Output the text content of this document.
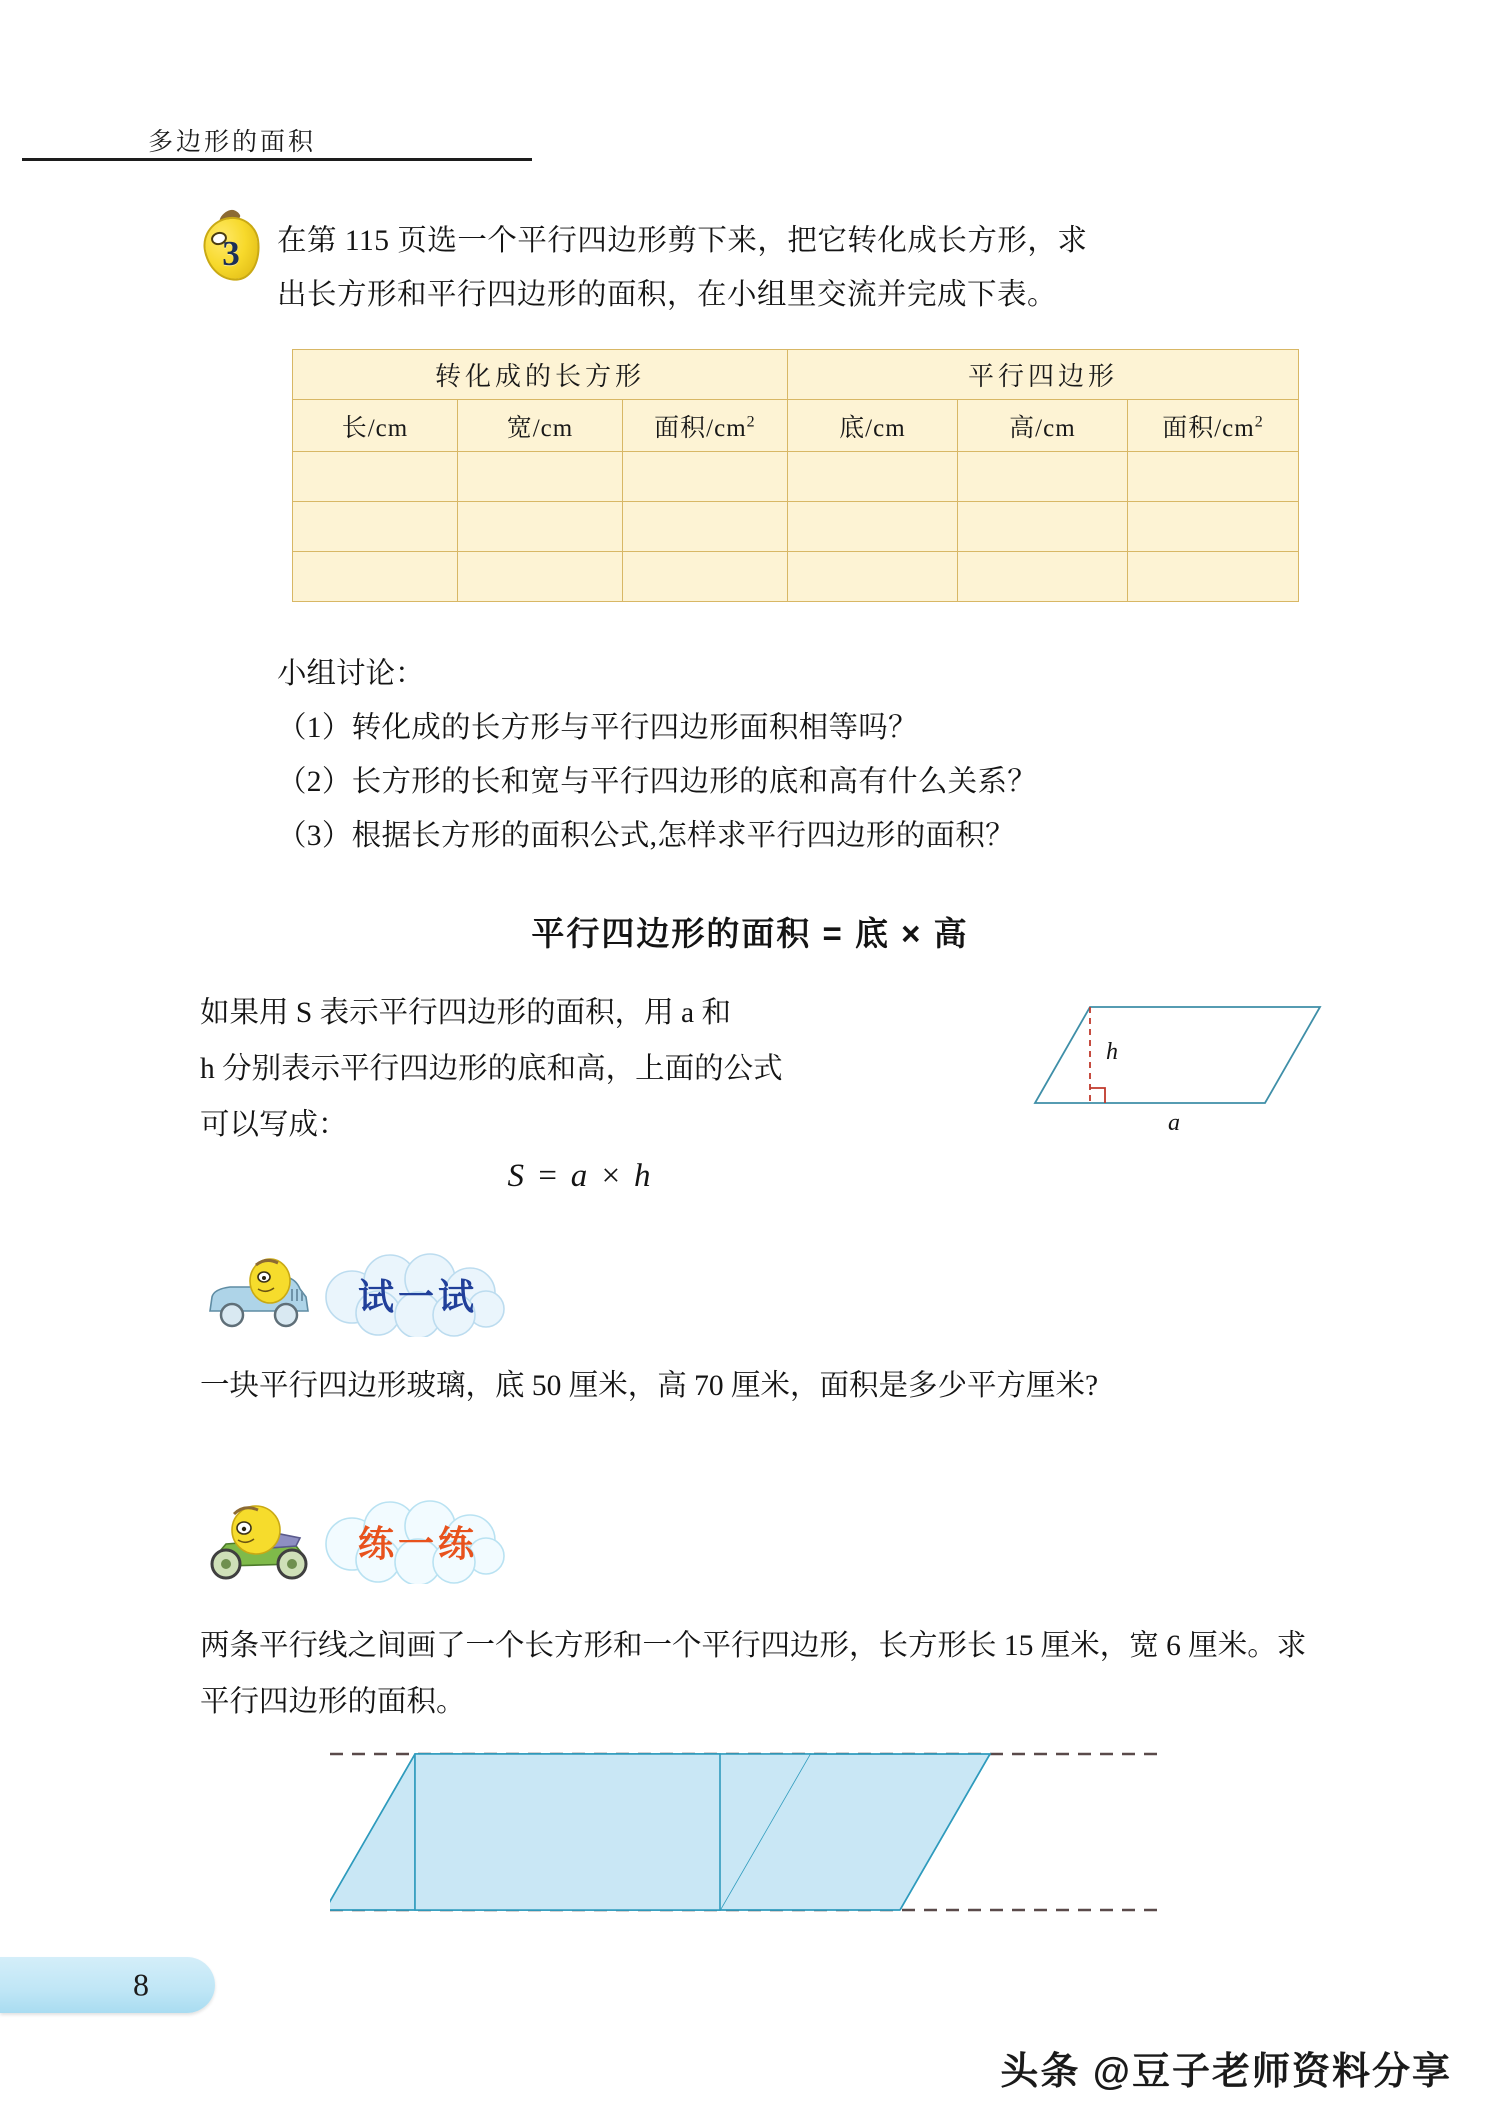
多边形的面积
3	在第 115 页选一个平行四边形剪下来，把它转化成长方形，求
出长方形和平行四边形的面积，在小组里交流并完成下表。
转化成的长方形			平行四边形		
长/cm	宽/cm	面积$/cm^2$	底/cm	高/cm	面积$/cm^2$

小组讨论：
（1）转化成的长方形与平行四边形面积相等吗？
（2）长方形的长和宽与平行四边形的底和高有什么关系？
（3）根据长方形的面积公式,怎样求平行四边形的面积？
平行四边形的面积 = 底 × 高
如果用 S 表示平行四边形的面积，用 a 和
h 分别表示平行四边形的底和高，上面的公式
可以写成：
S = a × h
h
a
试一试
一块平行四边形玻璃，底 50 厘米，高 70 厘米，面积是多少平方厘米?
练一练
两条平行线之间画了一个长方形和一个平行四边形，长方形长 15 厘米，宽 6 厘米。求平行四边形的面积。
8
头条 @豆子老师资料分享
